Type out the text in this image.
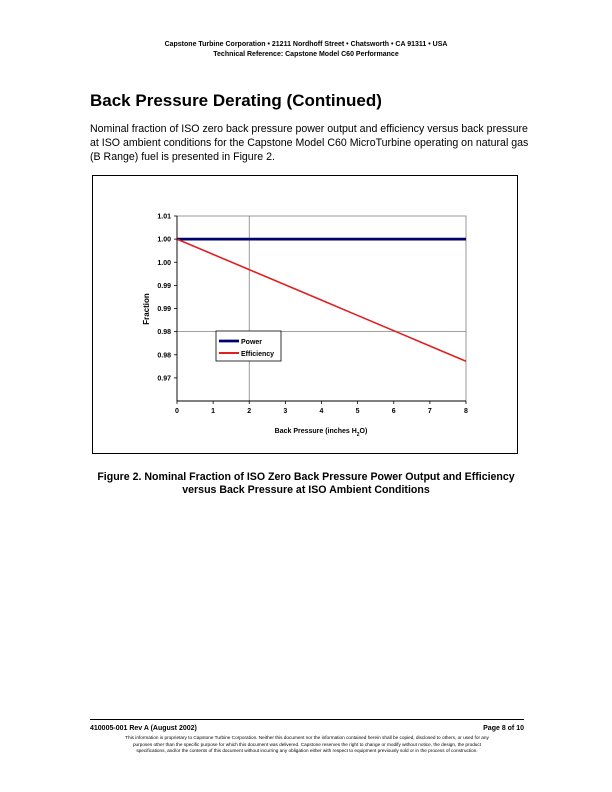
Capstone Turbine Corporation • 21211 Nordhoff Street • Chatsworth • CA 91311 • USA
Technical Reference: Capstone Model C60 Performance
Back Pressure Derating (Continued)

Nominal fraction of ISO zero back pressure power output and efficiency versus back pressure at ISO ambient conditions for the Capstone Model C60 MicroTurbine operating on natural gas (B Range) fuel is presented in Figure 2.

1.01
1.00
1.00
0.99
0.99
0.98
0.98
0.97
0	1	2	3	4	5	6	7	8
Fraction
Back Pressure (inches $H_2O$)
Power
Efficiency
Figure 2. Nominal Fraction of ISO Zero Back Pressure Power Output and Efficiency
versus Back Pressure at ISO Ambient Conditions
410005-001 Rev A (August 2002)	Page 8 of 10
This information is proprietary to Capstone Turbine Corporation. Neither this document nor the information contained herein shall be copied, disclosed to others, or used for any
purposes other than the specific purpose for which this document was delivered. Capstone reserves the right to change or modify without notice, the design, the product
specifications, and/or the contents of this document without incurring any obligation either with respect to equipment previously sold or in the process of construction.
